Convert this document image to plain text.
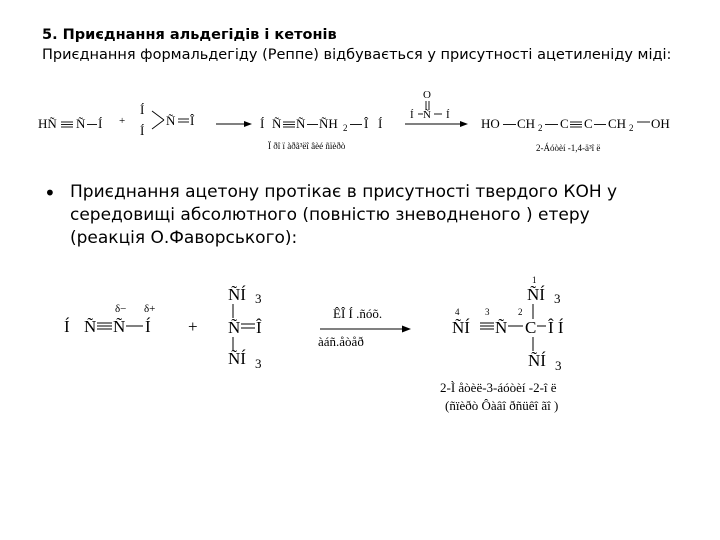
5. Приєднання альдегідів і кетонів

Приєднання формальдегіду (Реппе) відбувається у присутності ацетиленіду міді:

HÑ Ñ Í +
Í
Í
Ñ Î	Í Ñ Ñ ÑH 2 Î Í
Ï ðî ï àðã³ëî âèé ñïèðò
O
Í Ñ Í
HO CH 2 C C CH 2 OH
2-Áóòèí -1,4-ä³î ë
δ− δ+
Í Ñ Ñ Í +
ÑÍ 3
Ñ Î
ÑÍ 3
ÊÎ Í .ñóõ.
àáñ.åòåð
1
ÑÍ 3
4	3	2
ÑÍ Ñ C Î Í
ÑÍ 3
2-Ì åòèë-3-áóòèí -2-î ë
(ñïèðò Ôàâî ðñüêî ãî )
• Приєднання ацетону протікає в присутності твердого КОН у середовищі абсолютного (повністю зневодненого ) етеру (реакція О.Фаворського):
